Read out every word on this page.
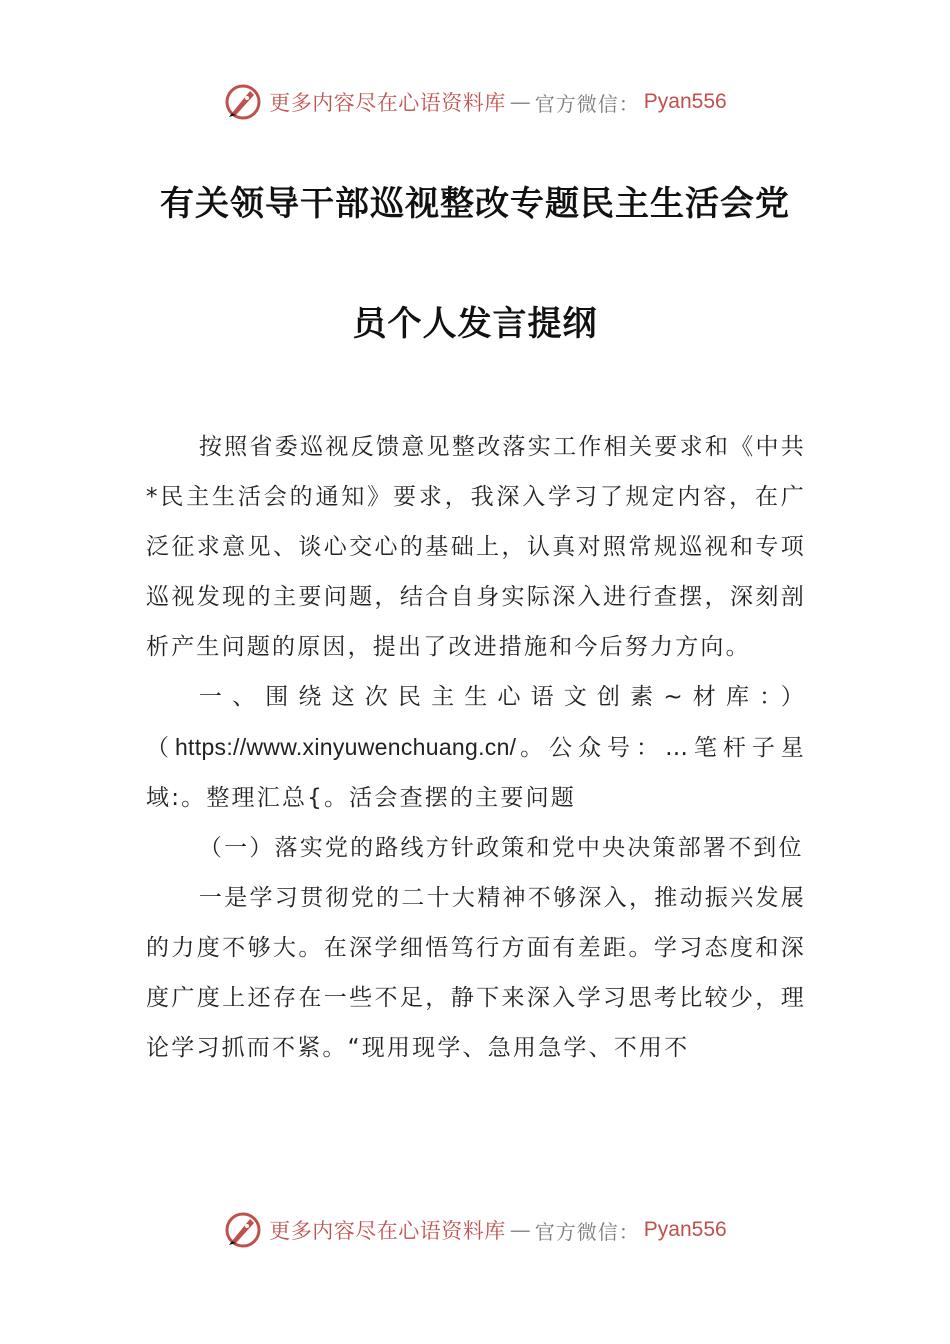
更多内容尽在心语资料库 — 官方微信： Pyan556
有关领导干部巡视整改专题民主生活会党
员个人发言提纲

按照省委巡视反馈意见整改落实工作相关要求和《中共*民主生活会的通知》要求，我深入学习了规定内容，在广泛征求意见、谈心交心的基础上，认真对照常规巡视和专项巡视发现的主要问题，结合自身实际深入进行查摆，深刻剖析产生问题的原因，提出了改进措施和今后努力方向。

一、围绕这次民主生心语文创素~材库：）（https://www.xinyuwenchuang.cn/。公众号：…笔杆子星域:。整理汇总{。活会查摆的主要问题

（一）落实党的路线方针政策和党中央决策部署不到位

一是学习贯彻党的二十大精神不够深入，推动振兴发展的力度不够大。在深学细悟笃行方面有差距。学习态度和深度广度上还存在一些不足，静下来深入学习思考比较少，理论学习抓而不紧。“现用现学、急用急学、不用不

更多内容尽在心语资料库 — 官方微信： Pyan556
